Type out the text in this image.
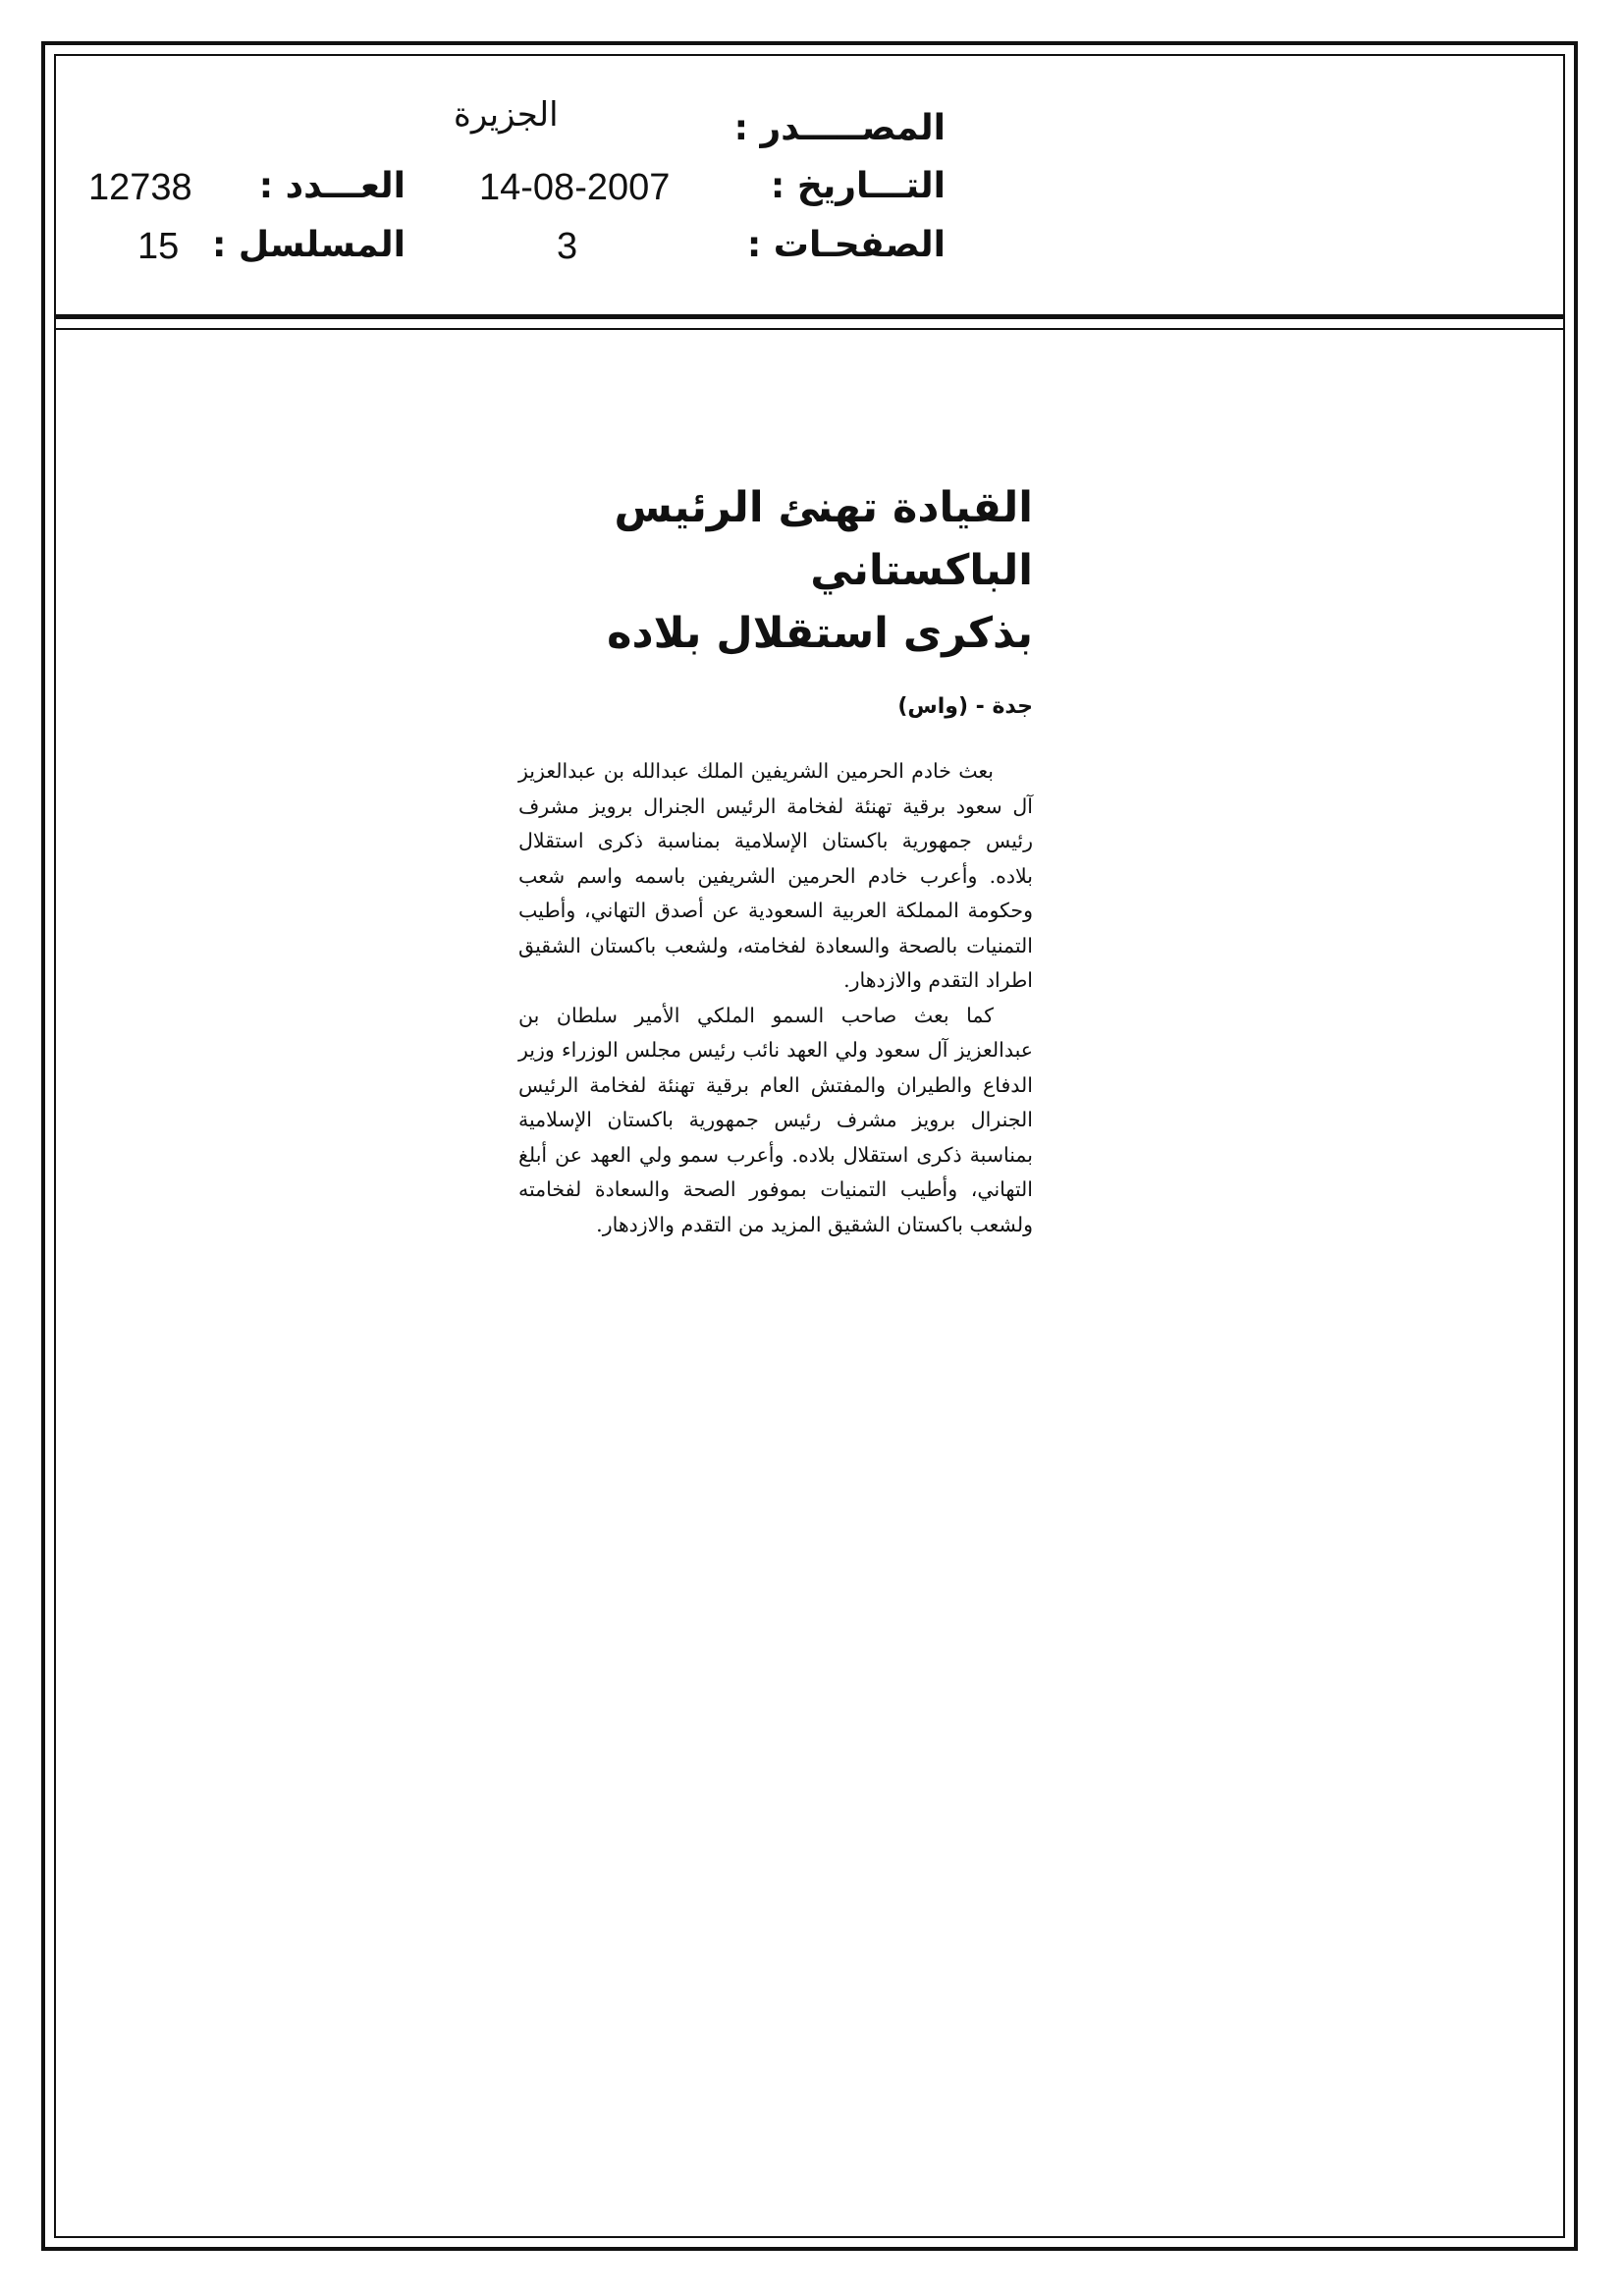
المصـــــدر :
الجزيرة
التـــاريخ :
14-08-2007
الصفحـات :
3
12738 العـــدد :
15 المسلسل :

القيادة تهنئ الرئيس الباكستاني

بذكرى استقلال بلاده

جدة - (واس)

بعث خادم الحرمين الشريفين الملك عبدالله بن عبدالعزيز آل سعود برقية تهنئة لفخامة الرئيس الجنرال برويز مشرف رئيس جمهورية باكستان الإسلامية بمناسبة ذكرى استقلال بلاده. وأعرب خادم الحرمين الشريفين باسمه واسم شعب وحكومة المملكة العربية السعودية عن أصدق التهاني، وأطيب التمنيات بالصحة والسعادة لفخامته، ولشعب باكستان الشقيق اطراد التقدم والازدهار.

كما بعث صاحب السمو الملكي الأمير سلطان بن عبدالعزيز آل سعود ولي العهد نائب رئيس مجلس الوزراء وزير الدفاع والطيران والمفتش العام برقية تهنئة لفخامة الرئيس الجنرال برويز مشرف رئيس جمهورية باكستان الإسلامية بمناسبة ذكرى استقلال بلاده. وأعرب سمو ولي العهد عن أبلغ التهاني، وأطيب التمنيات بموفور الصحة والسعادة لفخامته ولشعب باكستان الشقيق المزيد من التقدم والازدهار.
